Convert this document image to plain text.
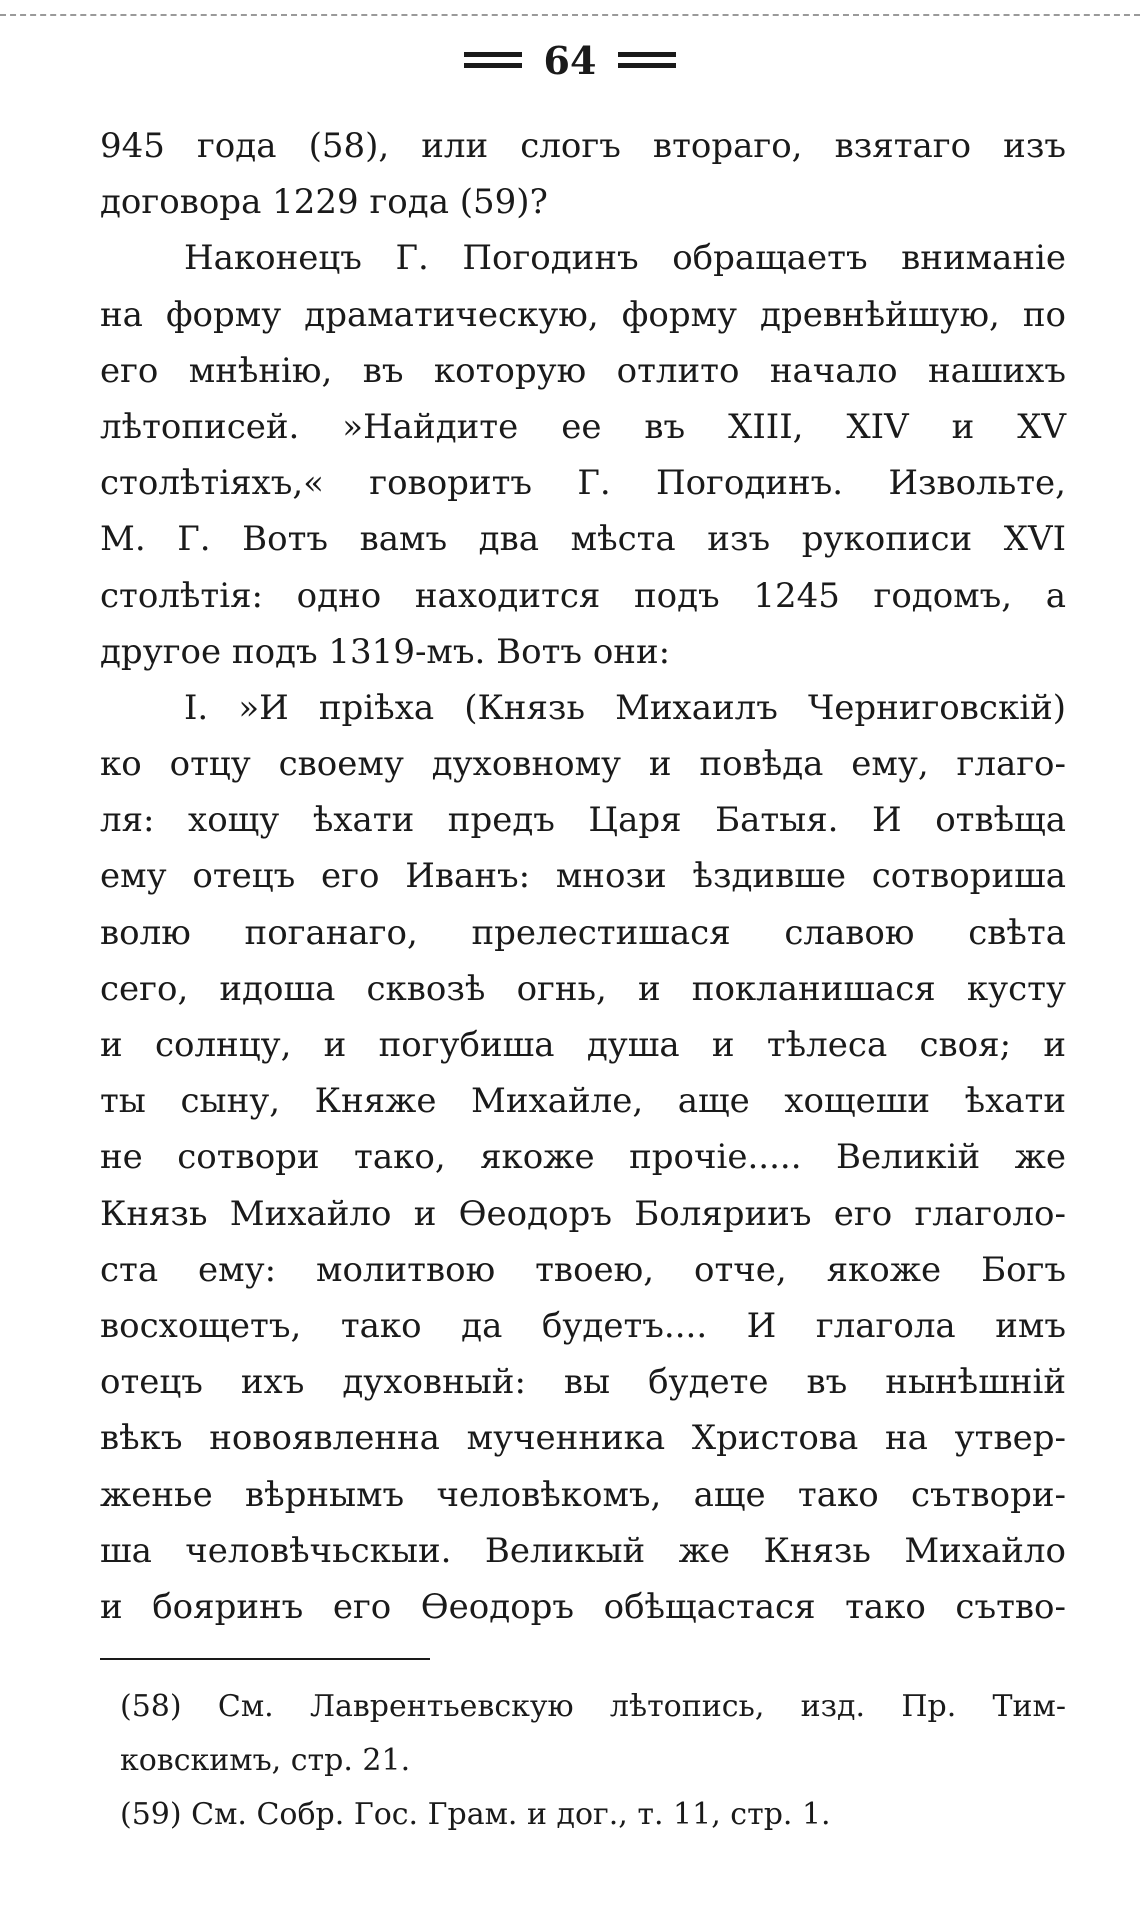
64
945 года (58), или слогъ втораго, взятаго изъ
договора 1229 года (59)?
Наконецъ Г. Погодинъ обращаетъ вниманіе
на форму драматическую, форму древнѣйшую, по
его мнѣнію, въ которую отлито начало нашихъ
лѣтописей. »Найдите ее въ XIII, XIV и XV
столѣтіяхъ,« говоритъ Г. Погодинъ. Извольте,
М. Г. Вотъ вамъ два мѣста изъ рукописи XVI
столѣтія: одно находится подъ 1245 годомъ, а
другое подъ 1319-мъ. Вотъ они:
I. »И пріѣха (Князь Михаилъ Черниговскій)
ко отцу своему духовному и повѣда ему, глаго-
ля: хощу ѣхати предъ Царя Батыя. И отвѣща
ему отецъ его Иванъ: мнози ѣздивше сотвориша
волю поганаго, прелестишася славою свѣта
сего, идоша сквозѣ огнь, и покланишася кусту
и солнцу, и погубиша душа и тѣлеса своя; и
ты сыну, Княже Михайле, аще хощеши ѣхати
не сотвори тако, якоже прочіе..... Великій же
Князь Михайло и Ѳеодоръ Болярииъ его глаголо-
ста ему: молитвою твоею, отче, якоже Богъ
восхощетъ, тако да будетъ.... И глагола имъ
отецъ ихъ духовный: вы будете въ нынѣшній
вѣкъ новоявленна мученника Христова на утвер-
женье вѣрнымъ человѣкомъ, аще тако сътвори-
ша человѣчьскыи. Великый же Князь Михайло
и бояринъ его Ѳеодоръ обѣщастася тако сътво-
(58) См. Лаврентьевскую лѣтопись, изд. Пр. Тим-
ковскимъ, стр. 21.
(59) См. Собр. Гос. Грам. и дог., т. 11, стр. 1.
